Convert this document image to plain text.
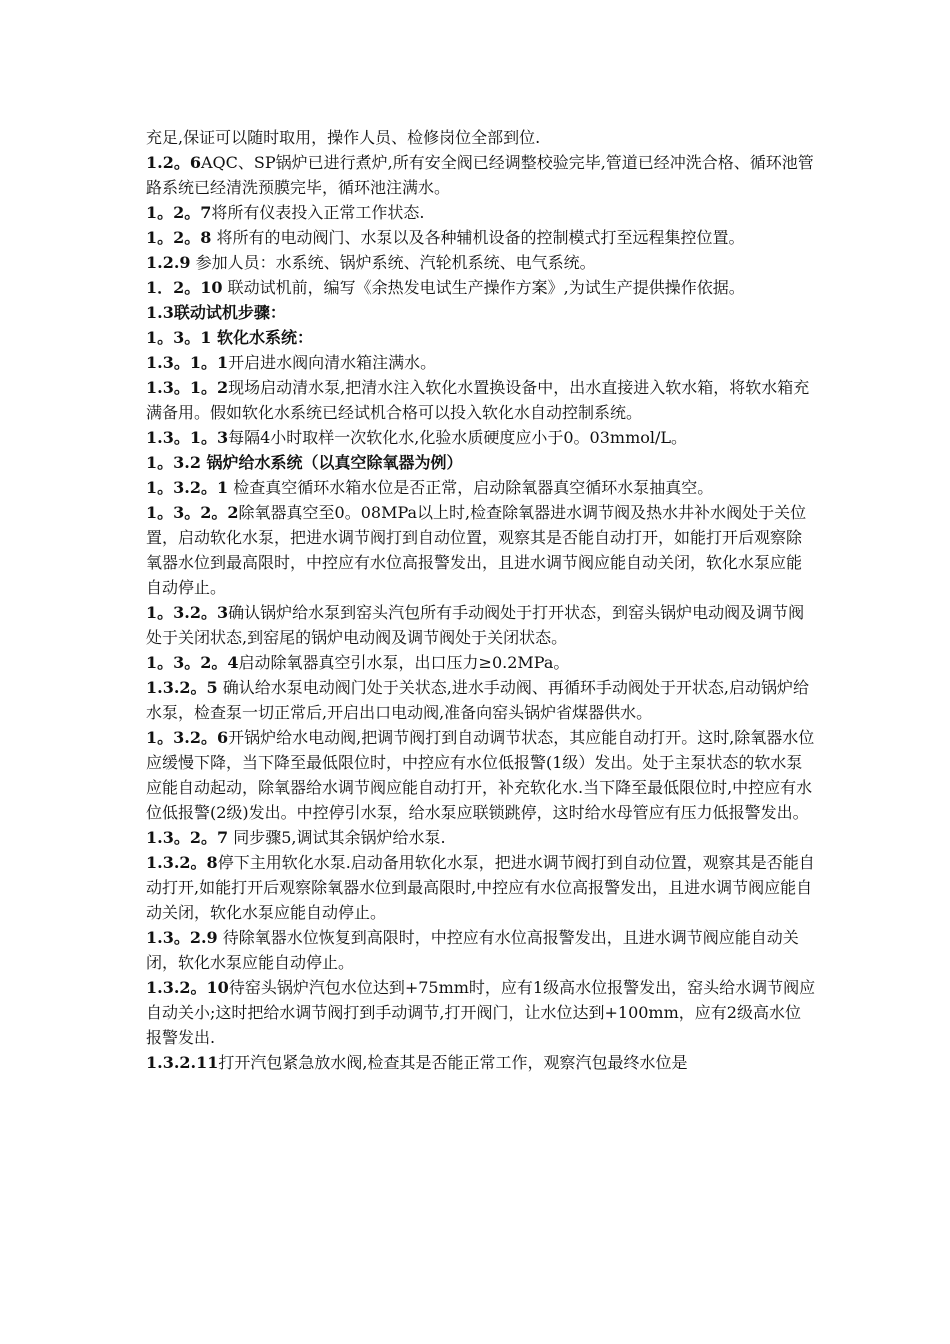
充足,保证可以随时取用，操作人员、检修岗位全部到位.

1.2。6AQC、SP锅炉已进行煮炉,所有安全阀已经调整校验完毕,管道已经冲洗合格、循环池管路系统已经清洗预膜完毕，循环池注满水。

1。2。7将所有仪表投入正常工作状态.

1。2。8 将所有的电动阀门、水泵以及各种辅机设备的控制模式打至远程集控位置。

1.2.9 参加人员：水系统、锅炉系统、汽轮机系统、电气系统。

1．2。10 联动试机前，编写《余热发电试生产操作方案》,为试生产提供操作依据。

1.3联动试机步骤：

1。3。1 软化水系统：

1.3。1。1开启进水阀向清水箱注满水。

1.3。1。2现场启动清水泵,把清水注入软化水置换设备中，出水直接进入软水箱，将软水箱充满备用。假如软化水系统已经试机合格可以投入软化水自动控制系统。

1.3。1。3每隔4小时取样一次软化水,化验水质硬度应小于0。03mmol/L。

1。3.2 锅炉给水系统（以真空除氧器为例）

1。3.2。1 检查真空循环水箱水位是否正常，启动除氧器真空循环水泵抽真空。

1。3。2。2除氧器真空至0。08MPa以上时,检查除氧器进水调节阀及热水井补水阀处于关位置，启动软化水泵，把进水调节阀打到自动位置，观察其是否能自动打开，如能打开后观察除氧器水位到最高限时，中控应有水位高报警发出，且进水调节阀应能自动关闭，软化水泵应能自动停止。

1。3.2。3确认锅炉给水泵到窑头汽包所有手动阀处于打开状态，到窑头锅炉电动阀及调节阀处于关闭状态,到窑尾的锅炉电动阀及调节阀处于关闭状态。

1。3。2。4启动除氧器真空引水泵，出口压力≥0.2MPa。

1.3.2。5 确认给水泵电动阀门处于关状态,进水手动阀、再循环手动阀处于开状态,启动锅炉给水泵，检查泵一切正常后,开启出口电动阀,准备向窑头锅炉省煤器供水。

1。3.2。6开锅炉给水电动阀,把调节阀打到自动调节状态，其应能自动打开。这时,除氧器水位应缓慢下降，当下降至最低限位时，中控应有水位低报警(1级）发出。处于主泵状态的软水泵应能自动起动，除氧器给水调节阀应能自动打开，补充软化水.当下降至最低限位时,中控应有水位低报警(2级)发出。中控停引水泵，给水泵应联锁跳停，这时给水母管应有压力低报警发出。

1.3。2。7 同步骤5,调试其余锅炉给水泵.

1.3.2。8停下主用软化水泵.启动备用软化水泵，把进水调节阀打到自动位置，观察其是否能自动打开,如能打开后观察除氧器水位到最高限时,中控应有水位高报警发出，且进水调节阀应能自动关闭，软化水泵应能自动停止。

1.3。2.9 待除氧器水位恢复到高限时，中控应有水位高报警发出，且进水调节阀应能自动关闭，软化水泵应能自动停止。

1.3.2。10待窑头锅炉汽包水位达到+75mm时，应有1级高水位报警发出，窑头给水调节阀应自动关小;这时把给水调节阀打到手动调节,打开阀门，让水位达到+100mm，应有2级高水位报警发出.

1.3.2.11打开汽包紧急放水阀,检查其是否能正常工作，观察汽包最终水位是
